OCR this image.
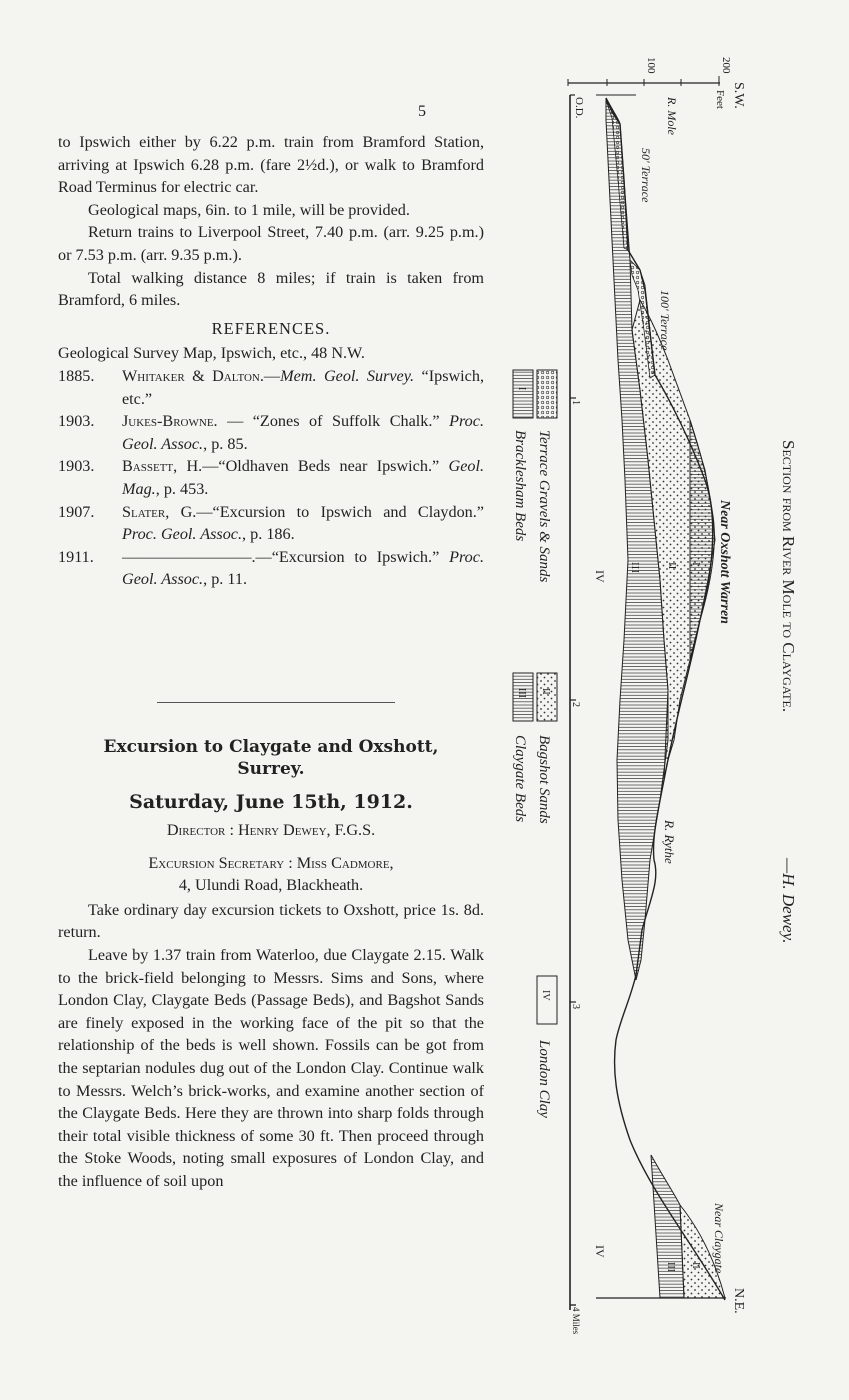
5

to Ipswich either by 6.22 p.m. train from Bramford Station, arriving at Ipswich 6.28 p.m. (fare 2½d.), or walk to Bramford Road Terminus for electric car.

Geological maps, 6in. to 1 mile, will be provided.

Return trains to Liverpool Street, 7.40 p.m. (arr. 9.25 p.m.) or 7.53 p.m. (arr. 9.35 p.m.).

Total walking distance 8 miles; if train is taken from Bramford, 6 miles.

REFERENCES.

Geological Survey Map, Ipswich, etc., 48 N.W.

1885.	Whitaker & Dalton.—Mem. Geol. Survey. “Ipswich, etc.”
1903.	Jukes-Browne. — “Zones of Suffolk Chalk.” Proc. Geol. Assoc., p. 85.
1903.	Bassett, H.—“Oldhaven Beds near Ipswich.” Geol. Mag., p. 453.
1907.	Slater, G.—“Excursion to Ipswich and Claydon.” Proc. Geol. Assoc., p. 186.
1911.	————————.—“Excursion to Ipswich.” Proc. Geol. Assoc., p. 11.
Excursion to Claygate and Oxshott,
Surrey.
Saturday, June 15th, 1912.
Director : Henry Dewey, F.G.S.
Excursion Secretary : Miss Cadmore,
4, Ulundi Road, Blackheath.

Take ordinary day excursion tickets to Oxshott, price 1s. 8d. return.

Leave by 1.37 train from Waterloo, due Claygate 2.15. Walk to the brick-field belonging to Messrs. Sims and Sons, where London Clay, Claygate Beds (Passage Beds), and Bagshot Sands are finely exposed in the working face of the pit so that the relationship of the beds is well shown. Fossils can be got from the septarian nodules dug out of the London Clay. Continue walk to Messrs. Welch’s brick-works, and examine another section of the Claygate Beds. Here they are thrown into sharp folds through their total visible thickness of some 30 ft. Then proceed through the Stoke Woods, noting small exposures of London Clay, and the influence of soil upon

Section from River Mole to Claygate.
—H. Dewey.
S.W.
N.E.
Feet
200
100
O.D.	R. Mole
50' Terrace
100' Terrace
Near Oxshott Warren
R. Rythe
Near Claygate
I
II
III
IV
IV
III II
I
II
III
IV
Terrace Gravels & Sands
Bracklesham Beds
Bagshot Sands
Claygate Beds
London Clay
1
2
3
4 Miles
